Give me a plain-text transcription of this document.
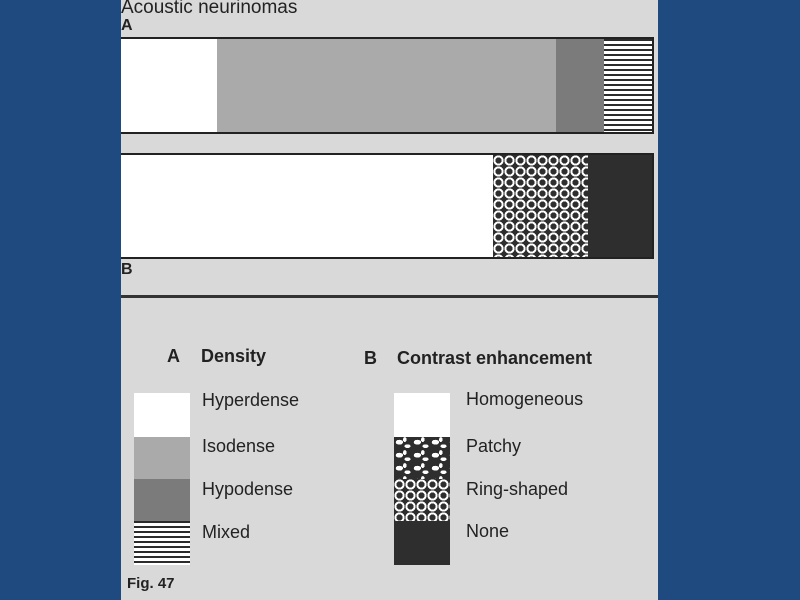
Acoustic neurinomas
A
B
A Density	B Contrast enhancement
Hyperdense
Isodense
Hypodense
Mixed
Homogeneous
Patchy
Ring-shaped
None
Fig. 47
